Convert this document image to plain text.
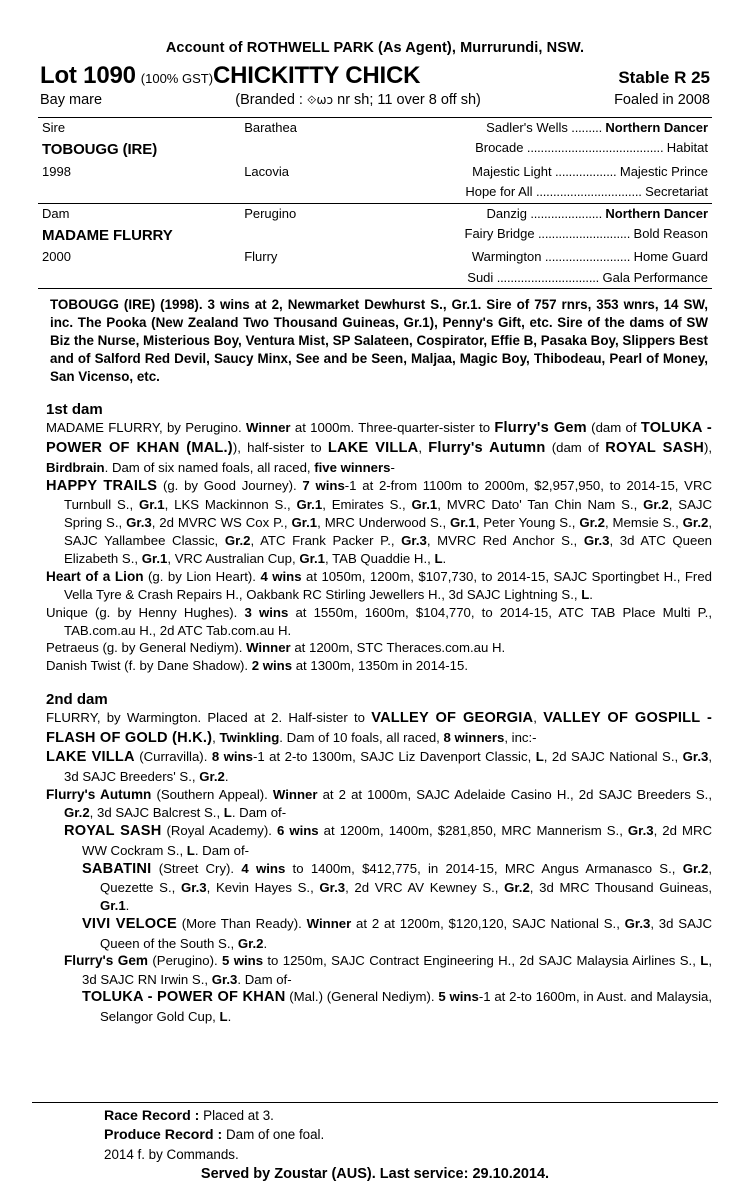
Account of ROTHWELL PARK (As Agent), Murrurundi, NSW.
Lot 1090 (100% GST) CHICKITTY CHICK	Stable R 25
Bay mare	(Branded : ⟐ωɔ nr sh; 11 over 8 off sh)	Foaled in 2008
Sire	Barathea	Sadler's Wells ......... Northern Dancer
TOBOUGG (IRE)		Brocade ........................................ Habitat
1998	Lacovia	Majestic Light .................. Majestic Prince
		Hope for All ............................... Secretariat

Dam	Perugino	Danzig ..................... Northern Dancer
MADAME FLURRY		Fairy Bridge ........................... Bold Reason
2000	Flurry	Warmington ......................... Home Guard
		Sudi .............................. Gala Performance
TOBOUGG (IRE) (1998). 3 wins at 2, Newmarket Dewhurst S., Gr.1. Sire of 757 rnrs, 353 wnrs, 14 SW, inc. The Pooka (New Zealand Two Thousand Guineas, Gr.1), Penny's Gift, etc. Sire of the dams of SW Biz the Nurse, Misterious Boy, Ventura Mist, SP Salateen, Cospirator, Effie B, Pasaka Boy, Slippers Best and of Salford Red Devil, Saucy Minx, See and be Seen, Maljaa, Magic Boy, Thibodeau, Pearl of Money, San Vicenso, etc.
1st dam
MADAME FLURRY, by Perugino. Winner at 1000m. Three-quarter-sister to Flurry's Gem (dam of TOLUKA - POWER OF KHAN (MAL.)), half-sister to LAKE VILLA, Flurry's Autumn (dam of ROYAL SASH), Birdbrain. Dam of six named foals, all raced, five winners-
HAPPY TRAILS (g. by Good Journey). 7 wins-1 at 2-from 1100m to 2000m, $2,957,950, to 2014-15, VRC Turnbull S., Gr.1, LKS Mackinnon S., Gr.1, Emirates S., Gr.1, MVRC Dato' Tan Chin Nam S., Gr.2, SAJC Spring S., Gr.3, 2d MVRC WS Cox P., Gr.1, MRC Underwood S., Gr.1, Peter Young S., Gr.2, Memsie S., Gr.2, SAJC Yallambee Classic, Gr.2, ATC Frank Packer P., Gr.3, MVRC Red Anchor S., Gr.3, 3d ATC Queen Elizabeth S., Gr.1, VRC Australian Cup, Gr.1, TAB Quaddie H., L.
Heart of a Lion (g. by Lion Heart). 4 wins at 1050m, 1200m, $107,730, to 2014-15, SAJC Sportingbet H., Fred Vella Tyre & Crash Repairs H., Oakbank RC Stirling Jewellers H., 3d SAJC Lightning S., L.
Unique (g. by Henny Hughes). 3 wins at 1550m, 1600m, $104,770, to 2014-15, ATC TAB Place Multi P., TAB.com.au H., 2d ATC Tab.com.au H.
Petraeus (g. by General Nediym). Winner at 1200m, STC Theraces.com.au H.
Danish Twist (f. by Dane Shadow). 2 wins at 1300m, 1350m in 2014-15.
2nd dam
FLURRY, by Warmington. Placed at 2. Half-sister to VALLEY OF GEORGIA, VALLEY OF GOSPILL - FLASH OF GOLD (H.K.), Twinkling. Dam of 10 foals, all raced, 8 winners, inc:-
LAKE VILLA (Curravilla). 8 wins-1 at 2-to 1300m, SAJC Liz Davenport Classic, L, 2d SAJC National S., Gr.3, 3d SAJC Breeders' S., Gr.2.
Flurry's Autumn (Southern Appeal). Winner at 2 at 1000m, SAJC Adelaide Casino H., 2d SAJC Breeders S., Gr.2, 3d SAJC Balcrest S., L. Dam of-
ROYAL SASH (Royal Academy). 6 wins at 1200m, 1400m, $281,850, MRC Mannerism S., Gr.3, 2d MRC WW Cockram S., L. Dam of-
SABATINI (Street Cry). 4 wins to 1400m, $412,775, in 2014-15, MRC Angus Armanasco S., Gr.2, Quezette S., Gr.3, Kevin Hayes S., Gr.3, 2d VRC AV Kewney S., Gr.2, 3d MRC Thousand Guineas, Gr.1.
VIVI VELOCE (More Than Ready). Winner at 2 at 1200m, $120,120, SAJC National S., Gr.3, 3d SAJC Queen of the South S., Gr.2.
Flurry's Gem (Perugino). 5 wins to 1250m, SAJC Contract Engineering H., 2d SAJC Malaysia Airlines S., L, 3d SAJC RN Irwin S., Gr.3. Dam of-
TOLUKA - POWER OF KHAN (Mal.) (General Nediym). 5 wins-1 at 2-to 1600m, in Aust. and Malaysia, Selangor Gold Cup, L.
Race Record : Placed at 3.
Produce Record : Dam of one foal.
2014 f. by Commands.
Served by Zoustar (AUS). Last service: 29.10.2014.
